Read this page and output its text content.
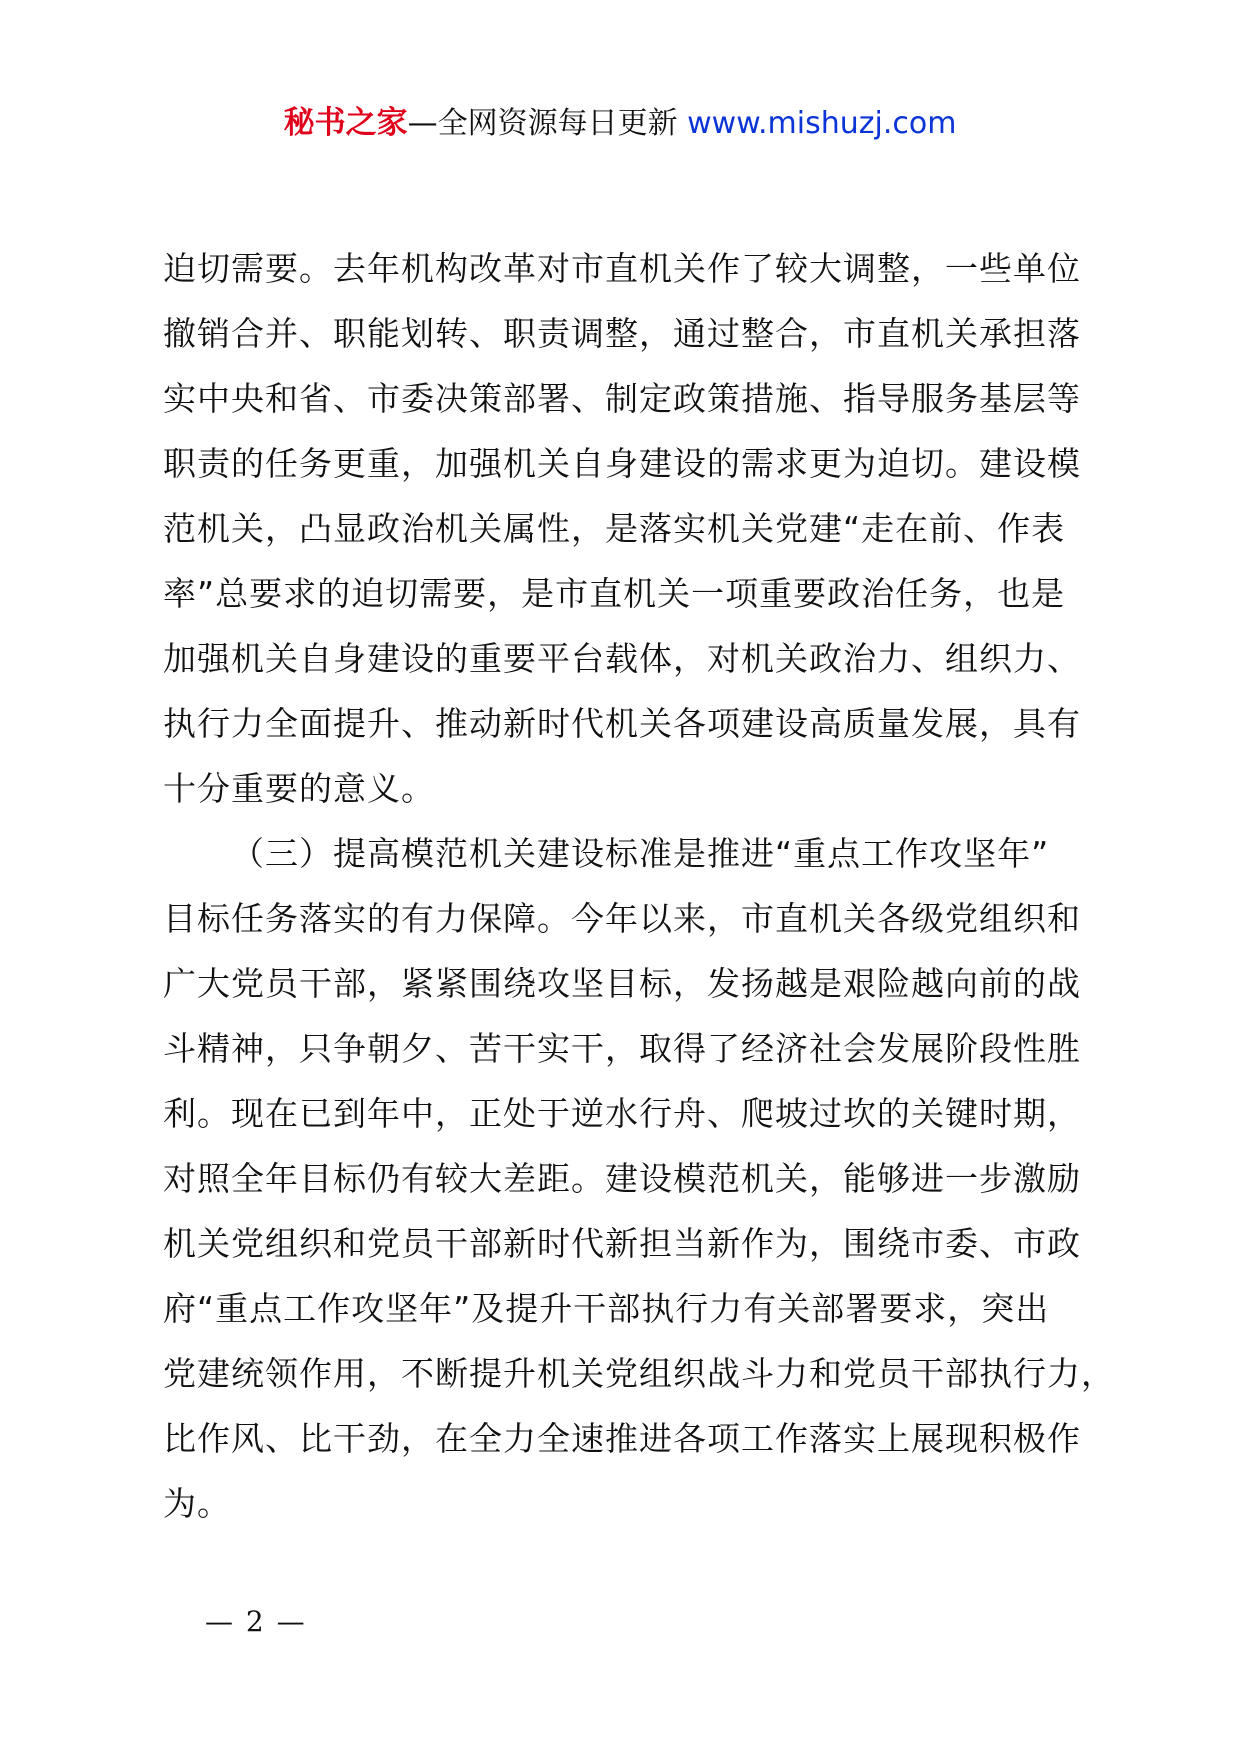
秘书之家—全网资源每日更新 www.mishuzj.com
迫切需要。去年机构改革对市直机关作了较大调整，一些单位
撤销合并、职能划转、职责调整，通过整合，市直机关承担落
实中央和省、市委决策部署、制定政策措施、指导服务基层等
职责的任务更重，加强机关自身建设的需求更为迫切。建设模
范机关，凸显政治机关属性，是落实机关党建“走在前、作表
率”总要求的迫切需要，是市直机关一项重要政治任务，也是
加强机关自身建设的重要平台载体，对机关政治力、组织力、
执行力全面提升、推动新时代机关各项建设高质量发展，具有
十分重要的意义。
（三）提高模范机关建设标准是推进“重点工作攻坚年”
目标任务落实的有力保障。今年以来，市直机关各级党组织和
广大党员干部，紧紧围绕攻坚目标，发扬越是艰险越向前的战
斗精神，只争朝夕、苦干实干，取得了经济社会发展阶段性胜
利。现在已到年中，正处于逆水行舟、爬坡过坎的关键时期，
对照全年目标仍有较大差距。建设模范机关，能够进一步激励
机关党组织和党员干部新时代新担当新作为，围绕市委、市政
府“重点工作攻坚年”及提升干部执行力有关部署要求，突出
党建统领作用，不断提升机关党组织战斗力和党员干部执行力，
比作风、比干劲，在全力全速推进各项工作落实上展现积极作
为。
— 2 —
